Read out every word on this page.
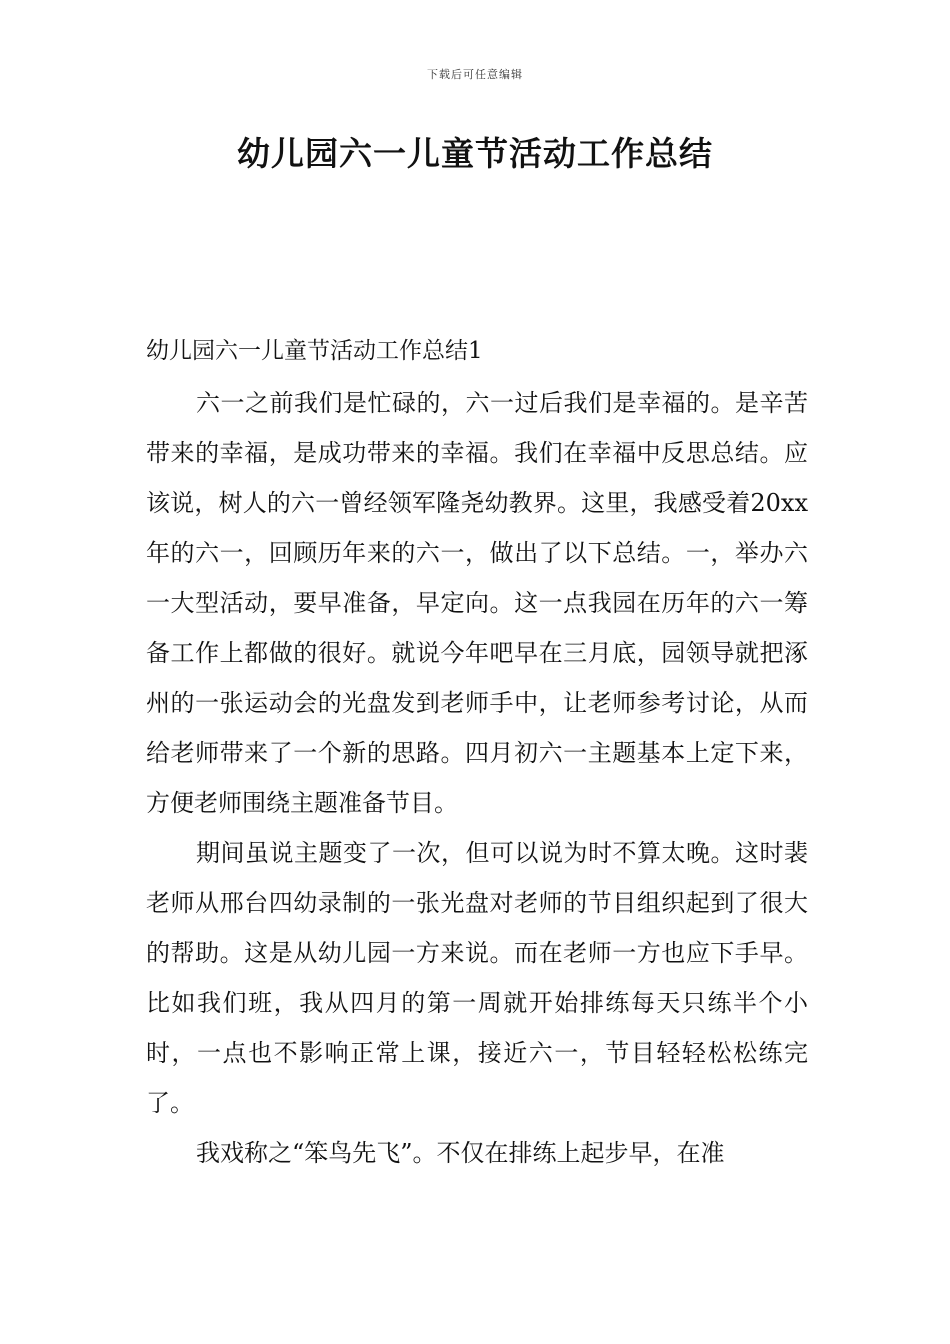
下载后可任意编辑
幼儿园六一儿童节活动工作总结
幼儿园六一儿童节活动工作总结1

六一之前我们是忙碌的，六一过后我们是幸福的。是辛苦带来的幸福，是成功带来的幸福。我们在幸福中反思总结。应该说，树人的六一曾经领军隆尧幼教界。这里，我感受着20xx年的六一，回顾历年来的六一，做出了以下总结。一，举办六一大型活动，要早准备，早定向。这一点我园在历年的六一筹备工作上都做的很好。就说今年吧早在三月底，园领导就把涿州的一张运动会的光盘发到老师手中，让老师参考讨论，从而给老师带来了一个新的思路。四月初六一主题基本上定下来，方便老师围绕主题准备节目。

期间虽说主题变了一次，但可以说为时不算太晚。这时裴老师从邢台四幼录制的一张光盘对老师的节目组织起到了很大的帮助。这是从幼儿园一方来说。而在老师一方也应下手早。比如我们班，我从四月的第一周就开始排练每天只练半个小时，一点也不影响正常上课，接近六一，节目轻轻松松练完了。

我戏称之“笨鸟先飞”。不仅在排练上起步早，在准
